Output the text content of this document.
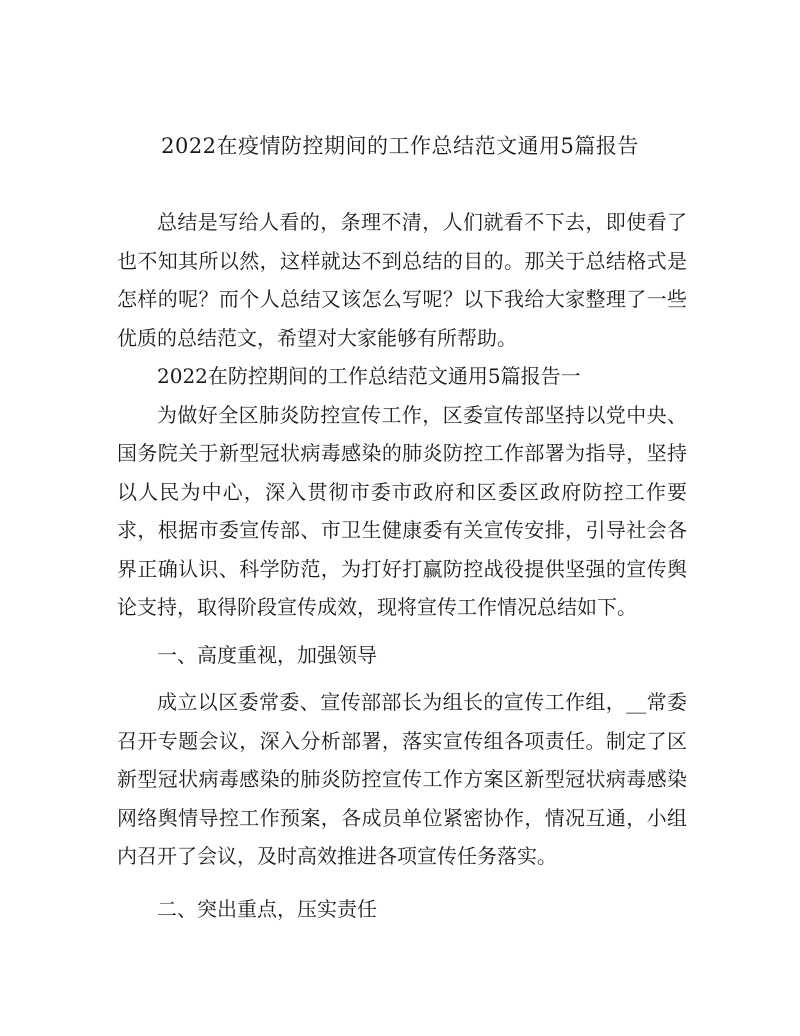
2022在疫情防控期间的工作总结范文通用5篇报告

总结是写给人看的，条理不清，人们就看不下去，即使看了也不知其所以然，这样就达不到总结的目的。那关于总结格式是怎样的呢？而个人总结又该怎么写呢？以下我给大家整理了一些优质的总结范文，希望对大家能够有所帮助。

2022在防控期间的工作总结范文通用5篇报告一

为做好全区肺炎防控宣传工作，区委宣传部坚持以党中央、国务院关于新型冠状病毒感染的肺炎防控工作部署为指导，坚持以人民为中心，深入贯彻市委市政府和区委区政府防控工作要求，根据市委宣传部、市卫生健康委有关宣传安排，引导社会各界正确认识、科学防范，为打好打赢防控战役提供坚强的宣传舆论支持，取得阶段宣传成效，现将宣传工作情况总结如下。

一、高度重视，加强领导

成立以区委常委、宣传部部长为组长的宣传工作组，__常委召开专题会议，深入分析部署，落实宣传组各项责任。制定了区新型冠状病毒感染的肺炎防控宣传工作方案区新型冠状病毒感染网络舆情导控工作预案，各成员单位紧密协作，情况互通，小组内召开了会议，及时高效推进各项宣传任务落实。

二、突出重点，压实责任
